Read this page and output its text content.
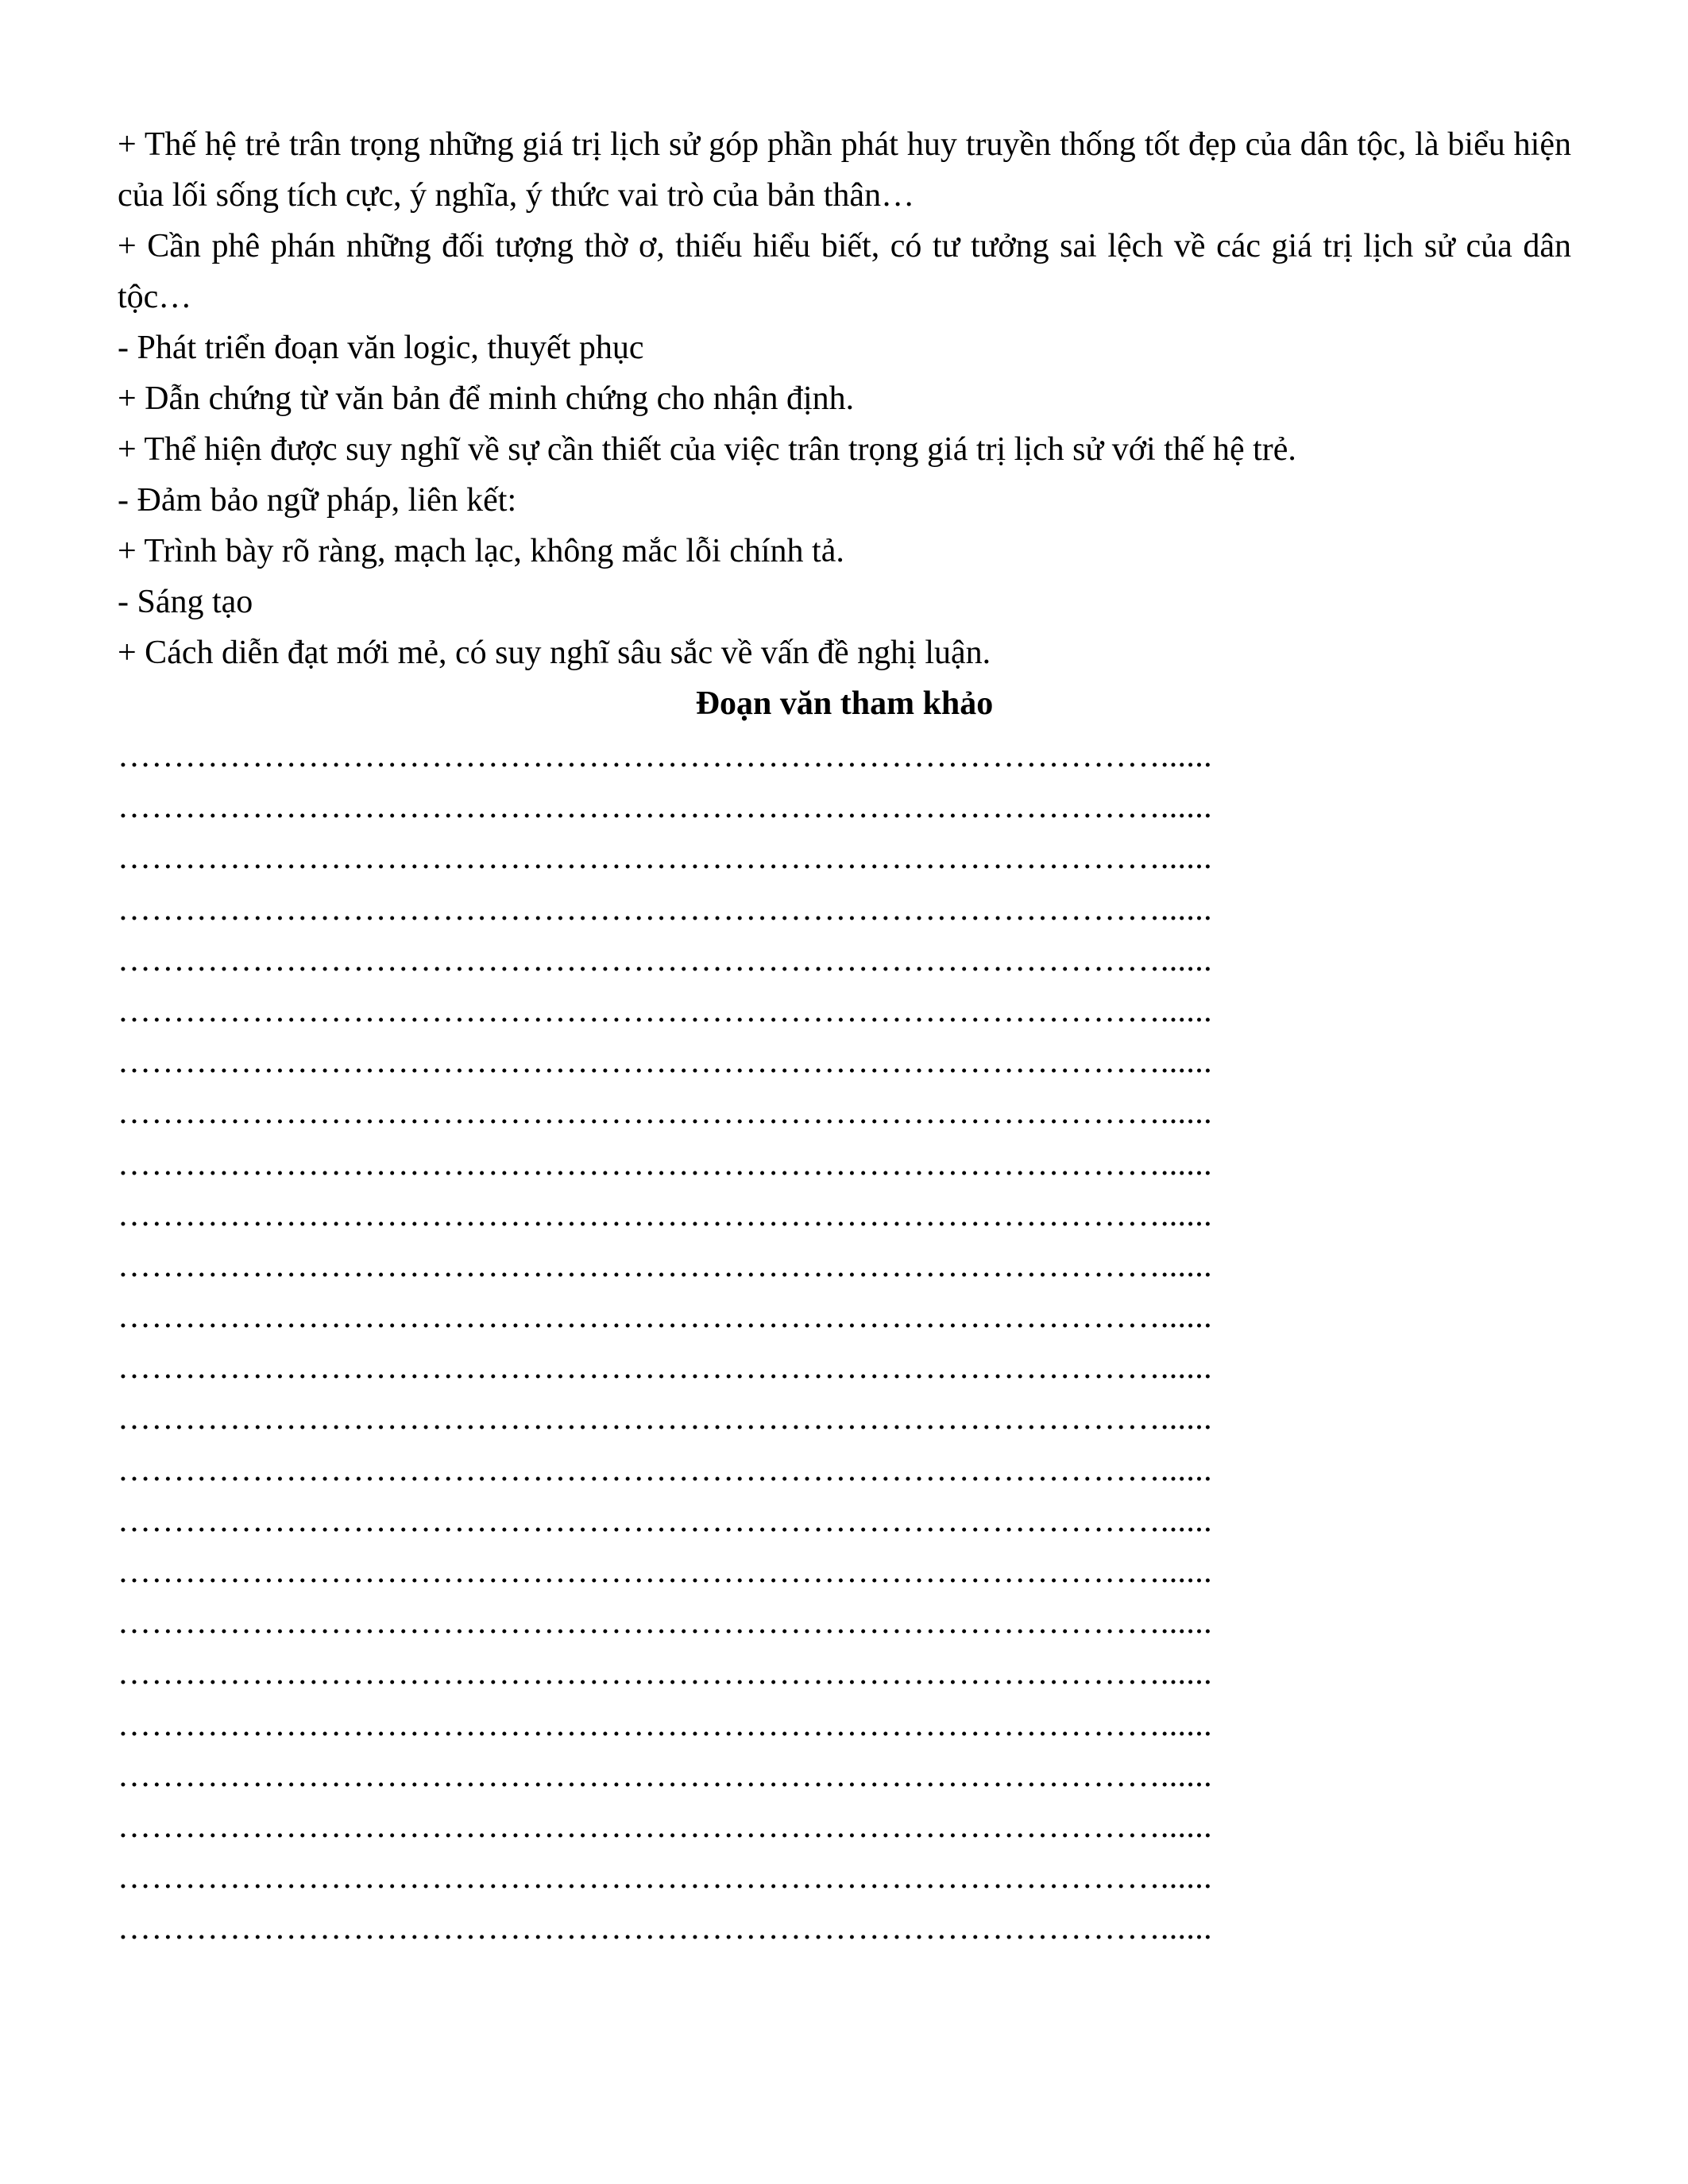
+ Thế hệ trẻ trân trọng những giá trị lịch sử góp phần phát huy truyền thống tốt đẹp của dân tộc, là biểu hiện của lối sống tích cực, ý nghĩa, ý thức vai trò của bản thân…

+ Cần phê phán những đối tượng thờ ơ, thiếu hiểu biết, có tư tưởng sai lệch về các giá trị lịch sử của dân tộc…

- Phát triển đoạn văn logic, thuyết phục

+ Dẫn chứng từ văn bản để minh chứng cho nhận định.

+ Thể hiện được suy nghĩ về sự cần thiết của việc trân trọng giá trị lịch sử với thế hệ trẻ.

- Đảm bảo ngữ pháp, liên kết:

+ Trình bày rõ ràng, mạch lạc, không mắc lỗi chính tả.

- Sáng tạo

+ Cách diễn đạt mới mẻ, có suy nghĩ sâu sắc về vấn đề nghị luận.

Đoạn văn tham khảo
…………………………………………………………………………………......
…………………………………………………………………………………......
…………………………………………………………………………………......
…………………………………………………………………………………......
…………………………………………………………………………………......
…………………………………………………………………………………......
…………………………………………………………………………………......
…………………………………………………………………………………......
…………………………………………………………………………………......
…………………………………………………………………………………......
…………………………………………………………………………………......
…………………………………………………………………………………......
…………………………………………………………………………………......
…………………………………………………………………………………......
…………………………………………………………………………………......
…………………………………………………………………………………......
…………………………………………………………………………………......
…………………………………………………………………………………......
…………………………………………………………………………………......
…………………………………………………………………………………......
…………………………………………………………………………………......
…………………………………………………………………………………......
…………………………………………………………………………………......
…………………………………………………………………………………......
